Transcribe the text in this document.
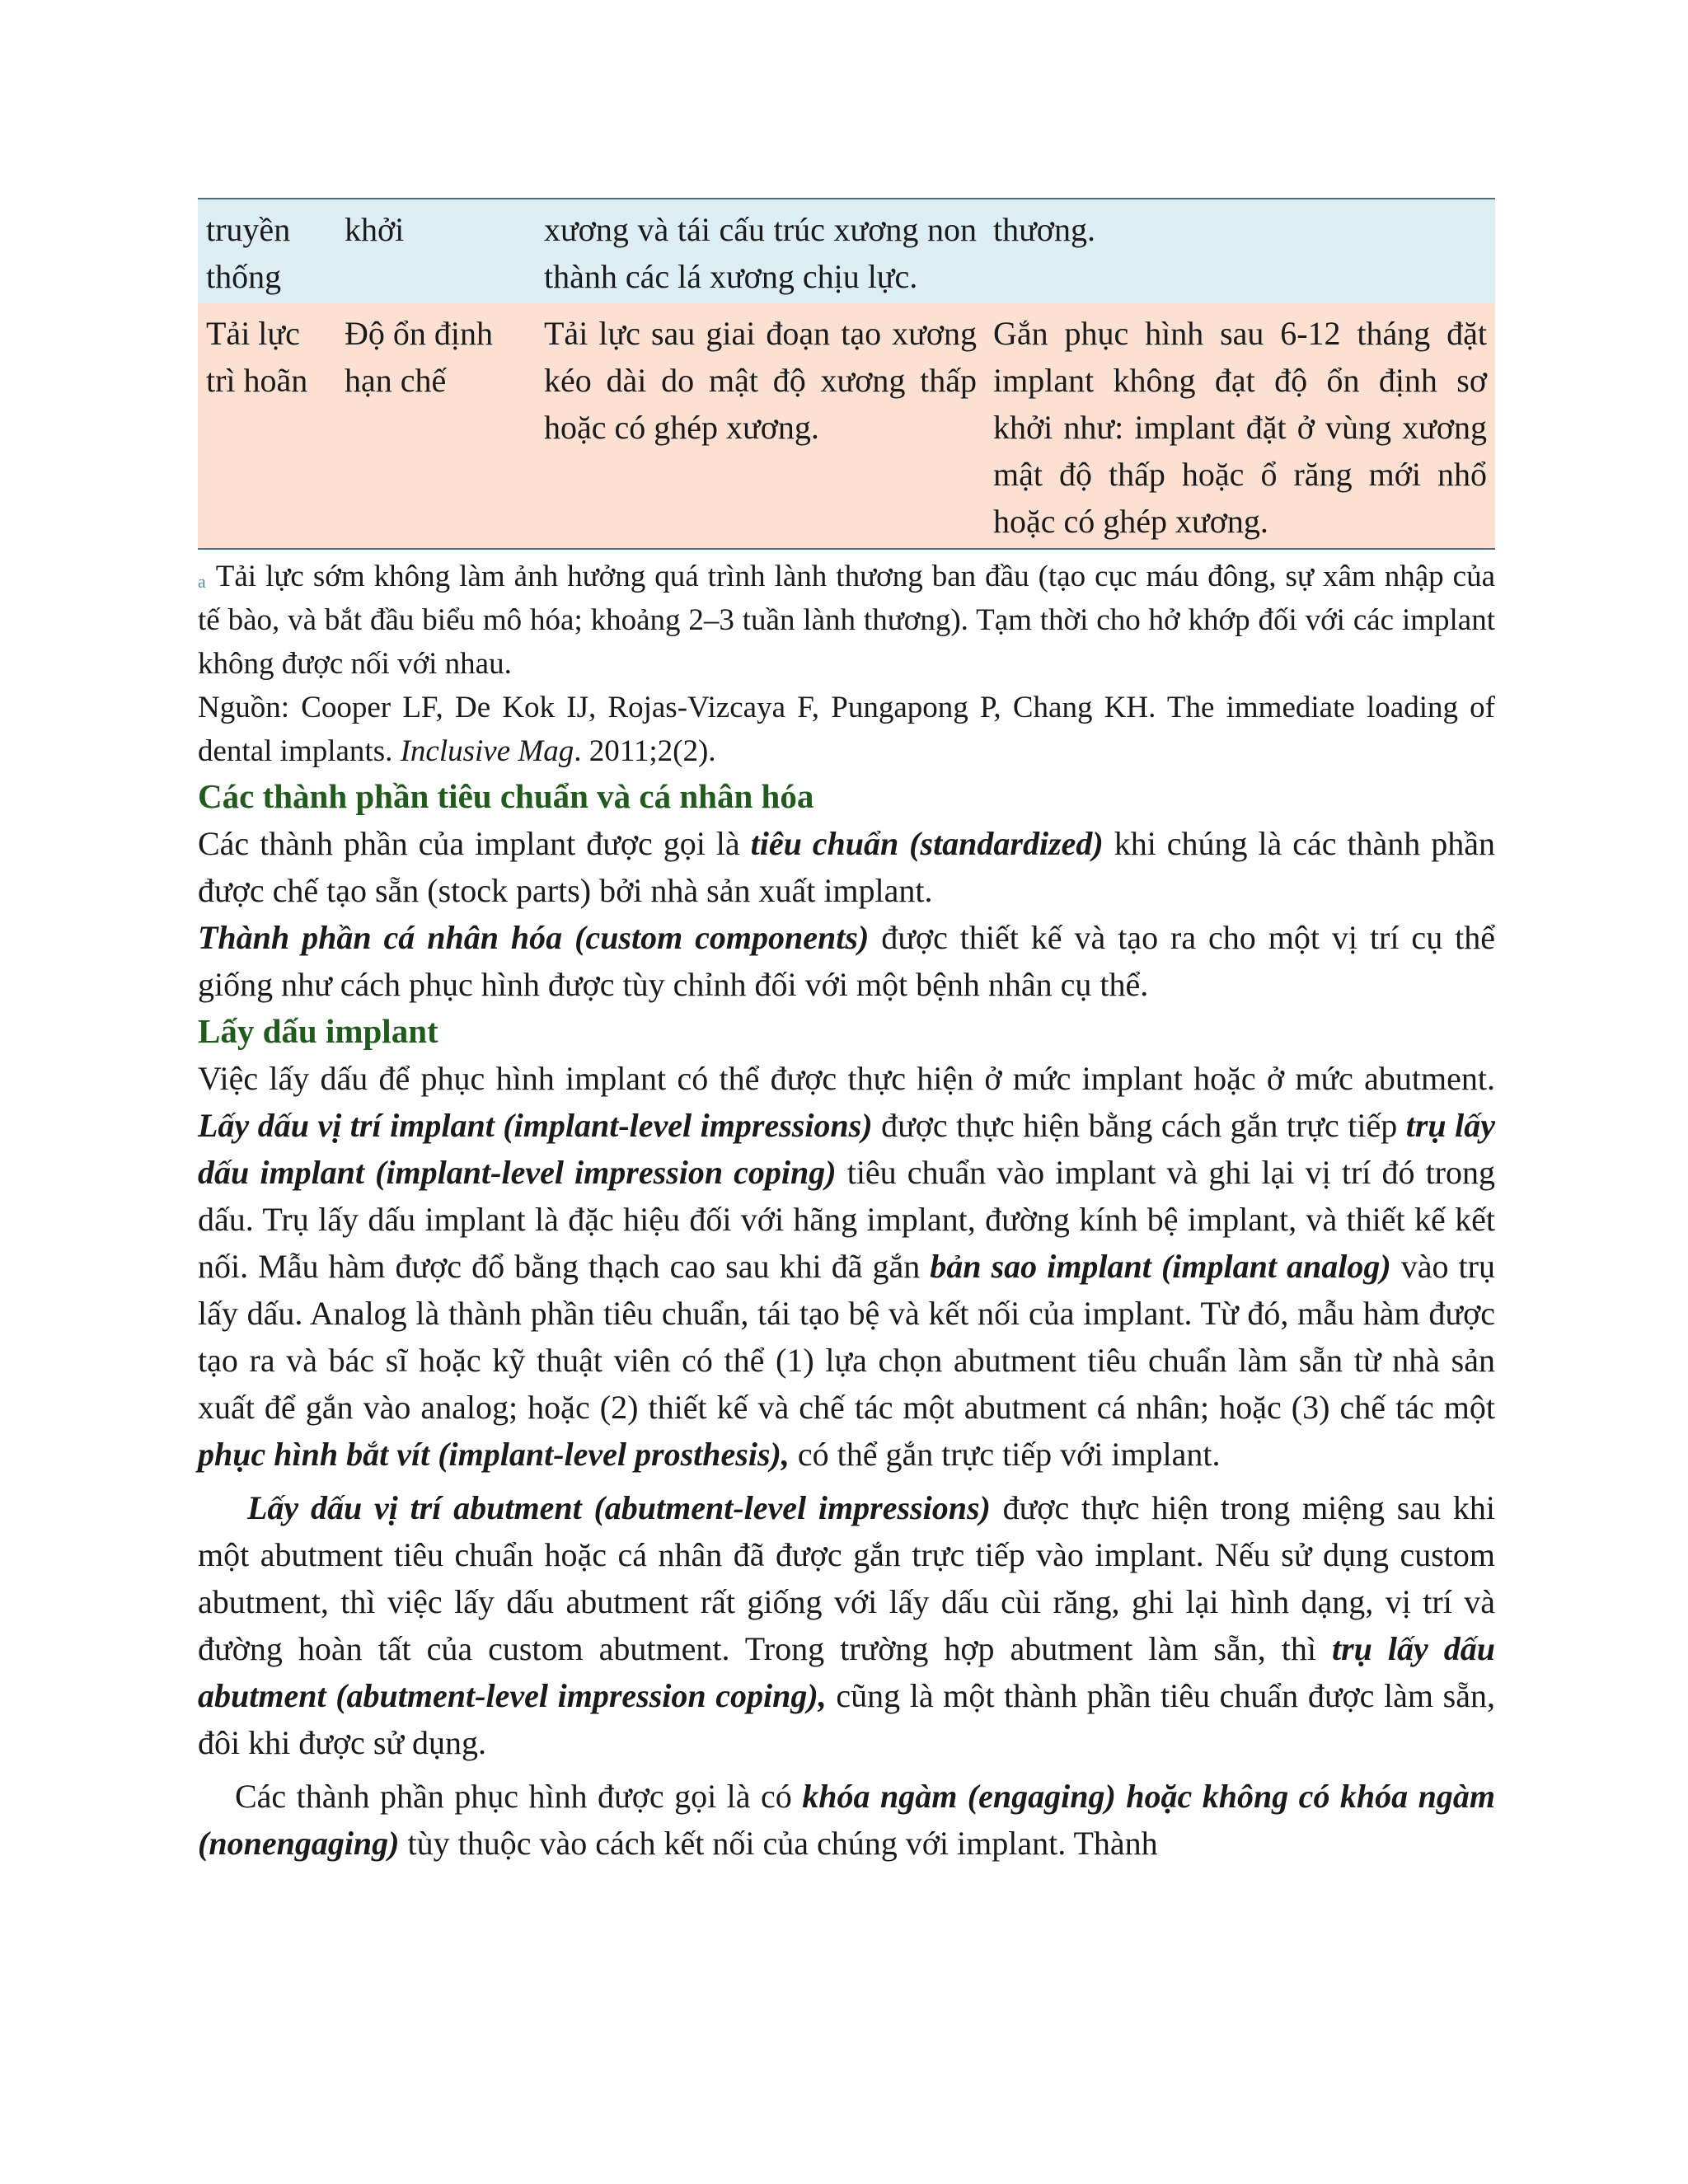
truyền thống	khởi	xương và tái cấu trúc xương non thành các lá xương chịu lực.	thương.
Tải lực trì hoãn	Độ ổn định hạn chế	Tải lực sau giai đoạn tạo xương kéo dài do mật độ xương thấp hoặc có ghép xương.	Gắn phục hình sau 6-12 tháng đặt implant không đạt độ ổn định sơ khởi như: implant đặt ở vùng xương mật độ thấp hoặc ổ răng mới nhổ hoặc có ghép xương.
$^a$ Tải lực sớm không làm ảnh hưởng quá trình lành thương ban đầu (tạo cục máu đông, sự xâm nhập của tế bào, và bắt đầu biểu mô hóa; khoảng 2–3 tuần lành thương). Tạm thời cho hở khớp đối với các implant không được nối với nhau.
Nguồn: Cooper LF, De Kok IJ, Rojas-Vizcaya F, Pungapong P, Chang KH. The immediate loading of dental implants. Inclusive Mag. 2011;2(2).
Các thành phần tiêu chuẩn và cá nhân hóa
Các thành phần của implant được gọi là tiêu chuẩn (standardized) khi chúng là các thành phần được chế tạo sẵn (stock parts) bởi nhà sản xuất implant.
Thành phần cá nhân hóa (custom components) được thiết kế và tạo ra cho một vị trí cụ thể giống như cách phục hình được tùy chỉnh đối với một bệnh nhân cụ thể.
Lấy dấu implant
Việc lấy dấu để phục hình implant có thể được thực hiện ở mức implant hoặc ở mức abutment. Lấy dấu vị trí implant (implant-level impressions) được thực hiện bằng cách gắn trực tiếp trụ lấy dấu implant (implant-level impression coping) tiêu chuẩn vào implant và ghi lại vị trí đó trong dấu. Trụ lấy dấu implant là đặc hiệu đối với hãng implant, đường kính bệ implant, và thiết kế kết nối. Mẫu hàm được đổ bằng thạch cao sau khi đã gắn bản sao implant (implant analog) vào trụ lấy dấu. Analog là thành phần tiêu chuẩn, tái tạo bệ và kết nối của implant. Từ đó, mẫu hàm được tạo ra và bác sĩ hoặc kỹ thuật viên có thể (1) lựa chọn abutment tiêu chuẩn làm sẵn từ nhà sản xuất để gắn vào analog; hoặc (2) thiết kế và chế tác một abutment cá nhân; hoặc (3) chế tác một phục hình bắt vít (implant-level prosthesis), có thể gắn trực tiếp với implant.
Lấy dấu vị trí abutment (abutment-level impressions) được thực hiện trong miệng sau khi một abutment tiêu chuẩn hoặc cá nhân đã được gắn trực tiếp vào implant. Nếu sử dụng custom abutment, thì việc lấy dấu abutment rất giống với lấy dấu cùi răng, ghi lại hình dạng, vị trí và đường hoàn tất của custom abutment. Trong trường hợp abutment làm sẵn, thì trụ lấy dấu abutment (abutment-level impression coping), cũng là một thành phần tiêu chuẩn được làm sẵn, đôi khi được sử dụng.
Các thành phần phục hình được gọi là có khóa ngàm (engaging) hoặc không có khóa ngàm (nonengaging) tùy thuộc vào cách kết nối của chúng với implant. Thành
